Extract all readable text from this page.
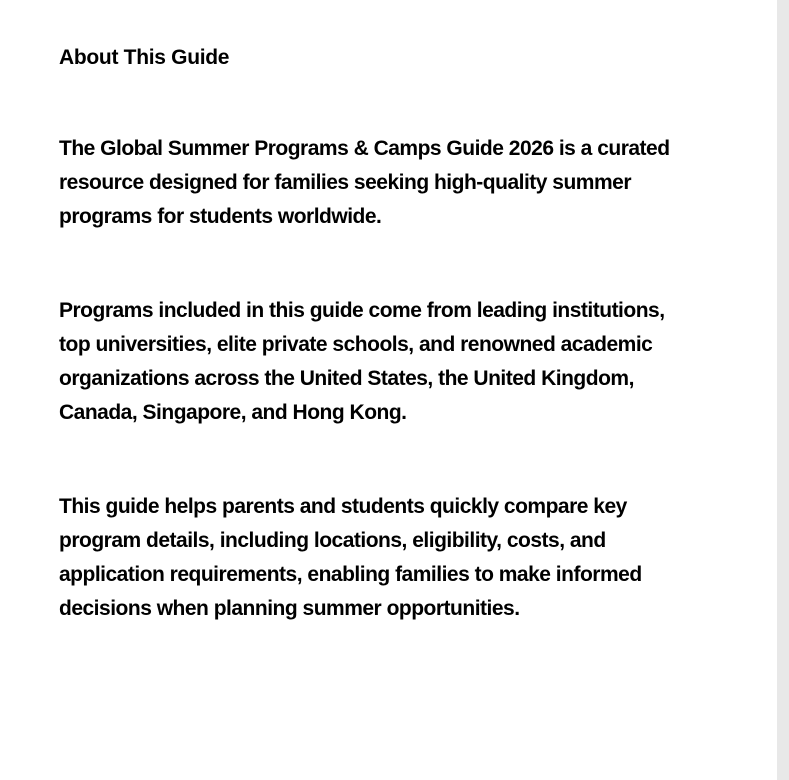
About This Guide

The Global Summer Programs & Camps Guide 2026 is a curated resource designed for families seeking high-quality summer programs for students worldwide.

Programs included in this guide come from leading institutions, top universities, elite private schools, and renowned academic organizations across the United States, the United Kingdom, Canada, Singapore, and Hong Kong.

This guide helps parents and students quickly compare key program details, including locations, eligibility, costs, and application requirements, enabling families to make informed decisions when planning summer opportunities.
